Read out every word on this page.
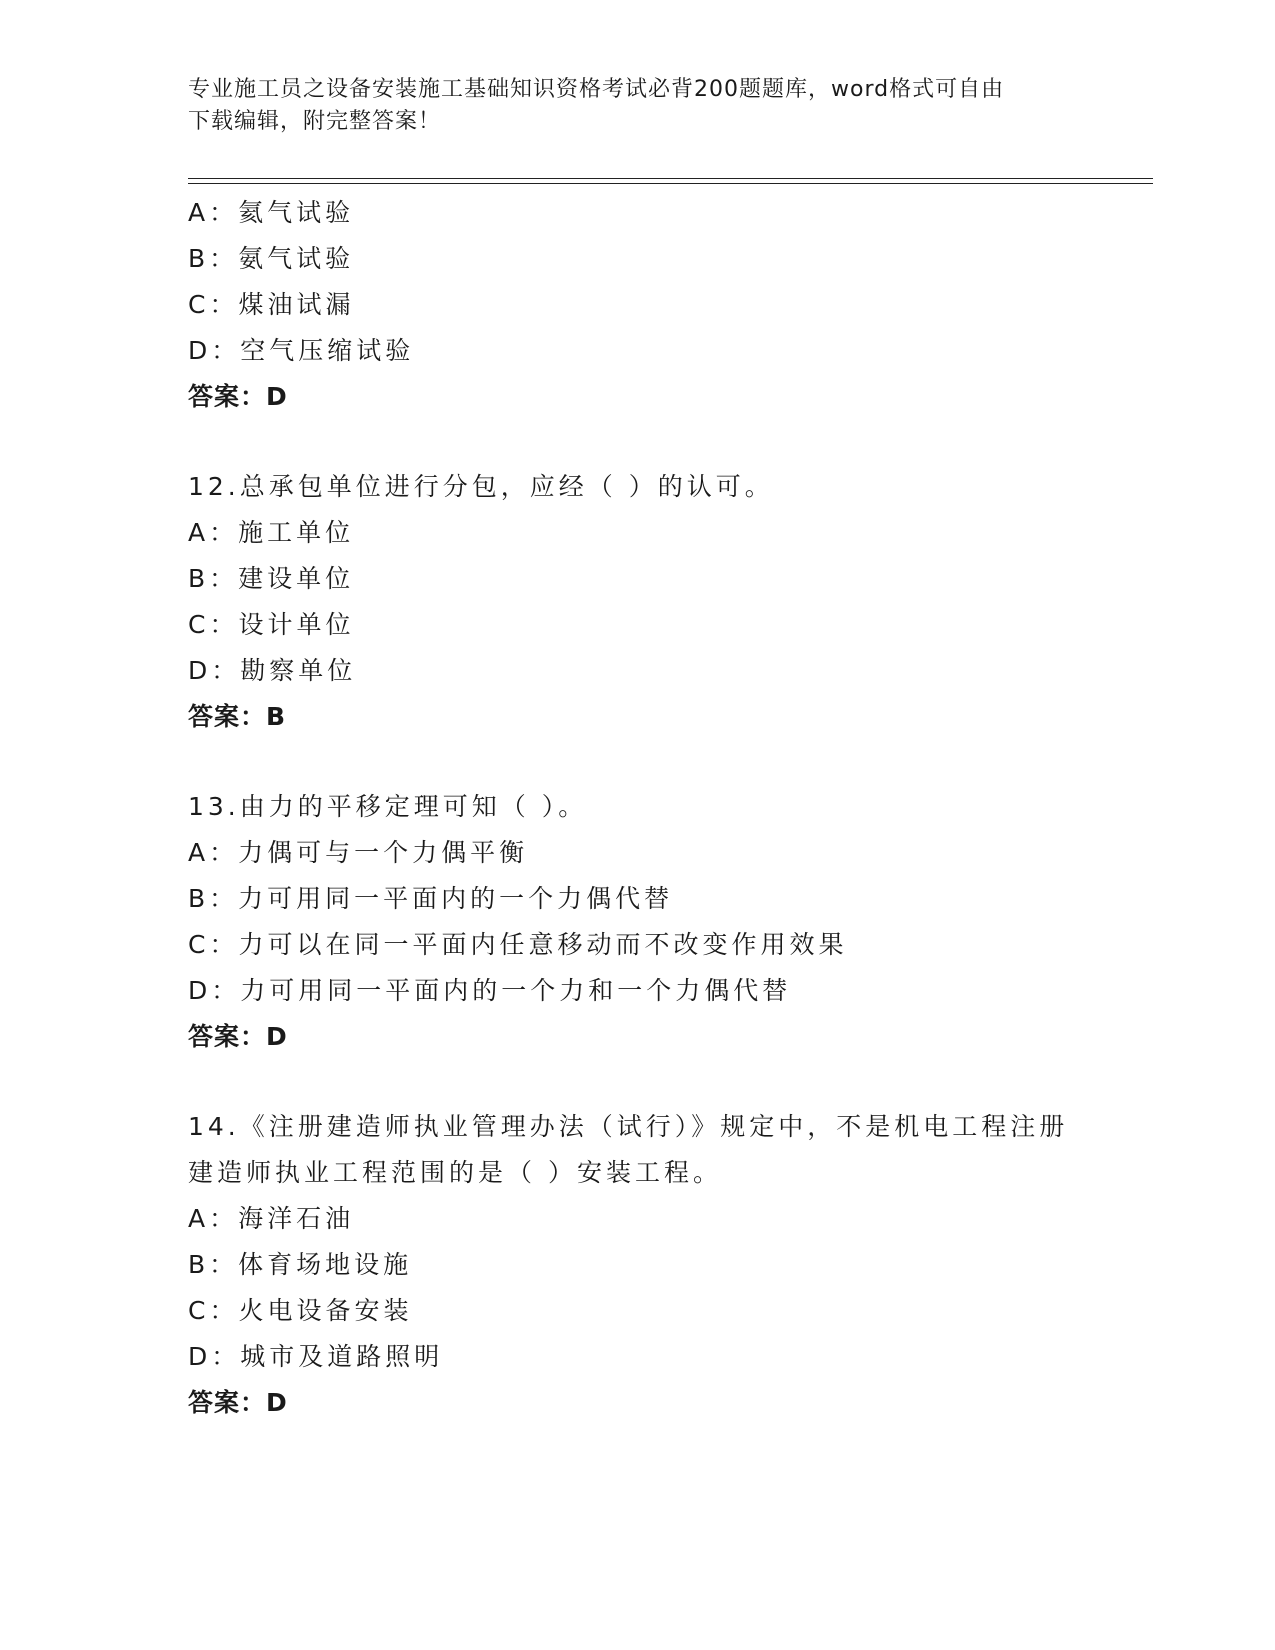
专业施工员之设备安装施工基础知识资格考试必背200题题库，word格式可自由
下载编辑，附完整答案！
A：氦气试验
B：氨气试验
C：煤油试漏
D：空气压缩试验
答案：D
12.总承包单位进行分包，应经（ ）的认可。
A：施工单位
B：建设单位
C：设计单位
D：勘察单位
答案：B
13.由力的平移定理可知（ ）。
A：力偶可与一个力偶平衡
B：力可用同一平面内的一个力偶代替
C：力可以在同一平面内任意移动而不改变作用效果
D：力可用同一平面内的一个力和一个力偶代替
答案：D
14.《注册建造师执业管理办法（试行）》规定中，不是机电工程注册
建造师执业工程范围的是（ ）安装工程。
A：海洋石油
B：体育场地设施
C：火电设备安装
D：城市及道路照明
答案：D
